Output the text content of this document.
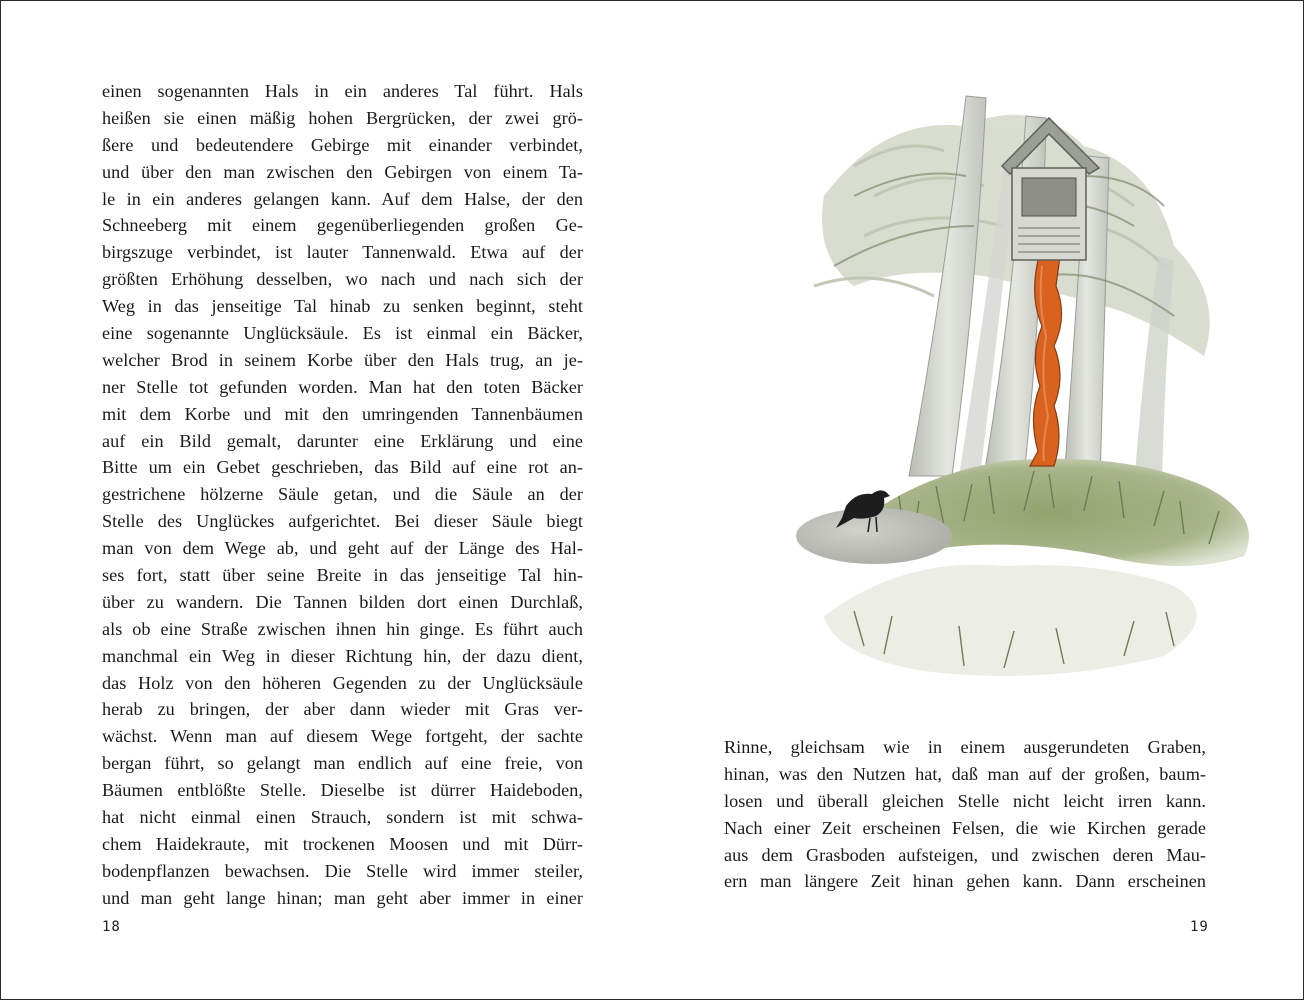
einen sogenannten Hals in ein anderes Tal führt. Hals
heißen sie einen mäßig hohen Bergrücken, der zwei grö-
ßere und bedeutendere Gebirge mit einander verbindet,
und über den man zwischen den Gebirgen von einem Ta-
le in ein anderes gelangen kann. Auf dem Halse, der den
Schneeberg mit einem gegenüberliegenden großen Ge-
birgszuge verbindet, ist lauter Tannenwald. Etwa auf der
größten Erhöhung desselben, wo nach und nach sich der
Weg in das jenseitige Tal hinab zu senken beginnt, steht
eine sogenannte Unglücksäule. Es ist einmal ein Bäcker,
welcher Brod in seinem Korbe über den Hals trug, an je-
ner Stelle tot gefunden worden. Man hat den toten Bäcker
mit dem Korbe und mit den umringenden Tannenbäumen
auf ein Bild gemalt, darunter eine Erklärung und eine
Bitte um ein Gebet geschrieben, das Bild auf eine rot an-
gestrichene hölzerne Säule getan, und die Säule an der
Stelle des Unglückes aufgerichtet. Bei dieser Säule biegt
man von dem Wege ab, und geht auf der Länge des Hal-
ses fort, statt über seine Breite in das jenseitige Tal hin-
über zu wandern. Die Tannen bilden dort einen Durchlaß,
als ob eine Straße zwischen ihnen hin ginge. Es führt auch
manchmal ein Weg in dieser Richtung hin, der dazu dient,
das Holz von den höheren Gegenden zu der Unglücksäule
herab zu bringen, der aber dann wieder mit Gras ver-
wächst. Wenn man auf diesem Wege fortgeht, der sachte
bergan führt, so gelangt man endlich auf eine freie, von
Bäumen entblößte Stelle. Dieselbe ist dürrer Haideboden,
hat nicht einmal einen Strauch, sondern ist mit schwa-
chem Haidekraute, mit trockenen Moosen und mit Dürr-
bodenpflanzen bewachsen. Die Stelle wird immer steiler,
und man geht lange hinan; man geht aber immer in einer
18
Rinne, gleichsam wie in einem ausgerundeten Graben,
hinan, was den Nutzen hat, daß man auf der großen, baum-
losen und überall gleichen Stelle nicht leicht irren kann.
Nach einer Zeit erscheinen Felsen, die wie Kirchen gerade
aus dem Grasboden aufsteigen, und zwischen deren Mau-
ern man längere Zeit hinan gehen kann. Dann erscheinen
19
